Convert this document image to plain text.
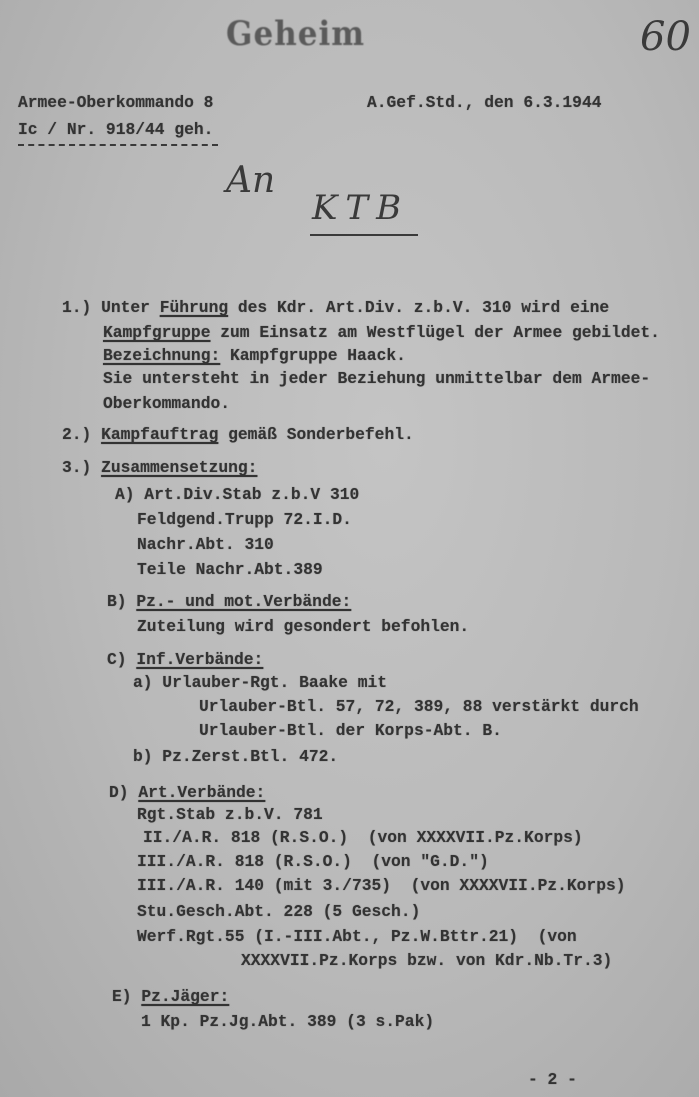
Geheim	60
An
KTB
Armee-Oberkommando 8
Ic / Nr. 918/44 geh.
A.Gef.Std., den 6.3.1944
1.) Unter Führung des Kdr. Art.Div. z.b.V. 310 wird eine
Kampfgruppe zum Einsatz am Westflügel der Armee gebildet.
Bezeichnung: Kampfgruppe Haack.
Sie untersteht in jeder Beziehung unmittelbar dem Armee-
Oberkommando.
2.) Kampfauftrag gemäß Sonderbefehl.
3.) Zusammensetzung:
A) Art.Div.Stab z.b.V 310
Feldgend.Trupp 72.I.D.
Nachr.Abt. 310
Teile Nachr.Abt.389
B) Pz.- und mot.Verbände:
Zuteilung wird gesondert befohlen.
C) Inf.Verbände:
a) Urlauber-Rgt. Baake mit
Urlauber-Btl. 57, 72, 389, 88 verstärkt durch
Urlauber-Btl. der Korps-Abt. B.
b) Pz.Zerst.Btl. 472.
D) Art.Verbände:
Rgt.Stab z.b.V. 781
II./A.R. 818 (R.S.O.)  (von XXXXVII.Pz.Korps)
III./A.R. 818 (R.S.O.)  (von "G.D.")
III./A.R. 140 (mit 3./735)  (von XXXXVII.Pz.Korps)
Stu.Gesch.Abt. 228 (5 Gesch.)
Werf.Rgt.55 (I.-III.Abt., Pz.W.Bttr.21)  (von
XXXXVII.Pz.Korps bzw. von Kdr.Nb.Tr.3)
E) Pz.Jäger:
1 Kp. Pz.Jg.Abt. 389 (3 s.Pak)
- 2 -
